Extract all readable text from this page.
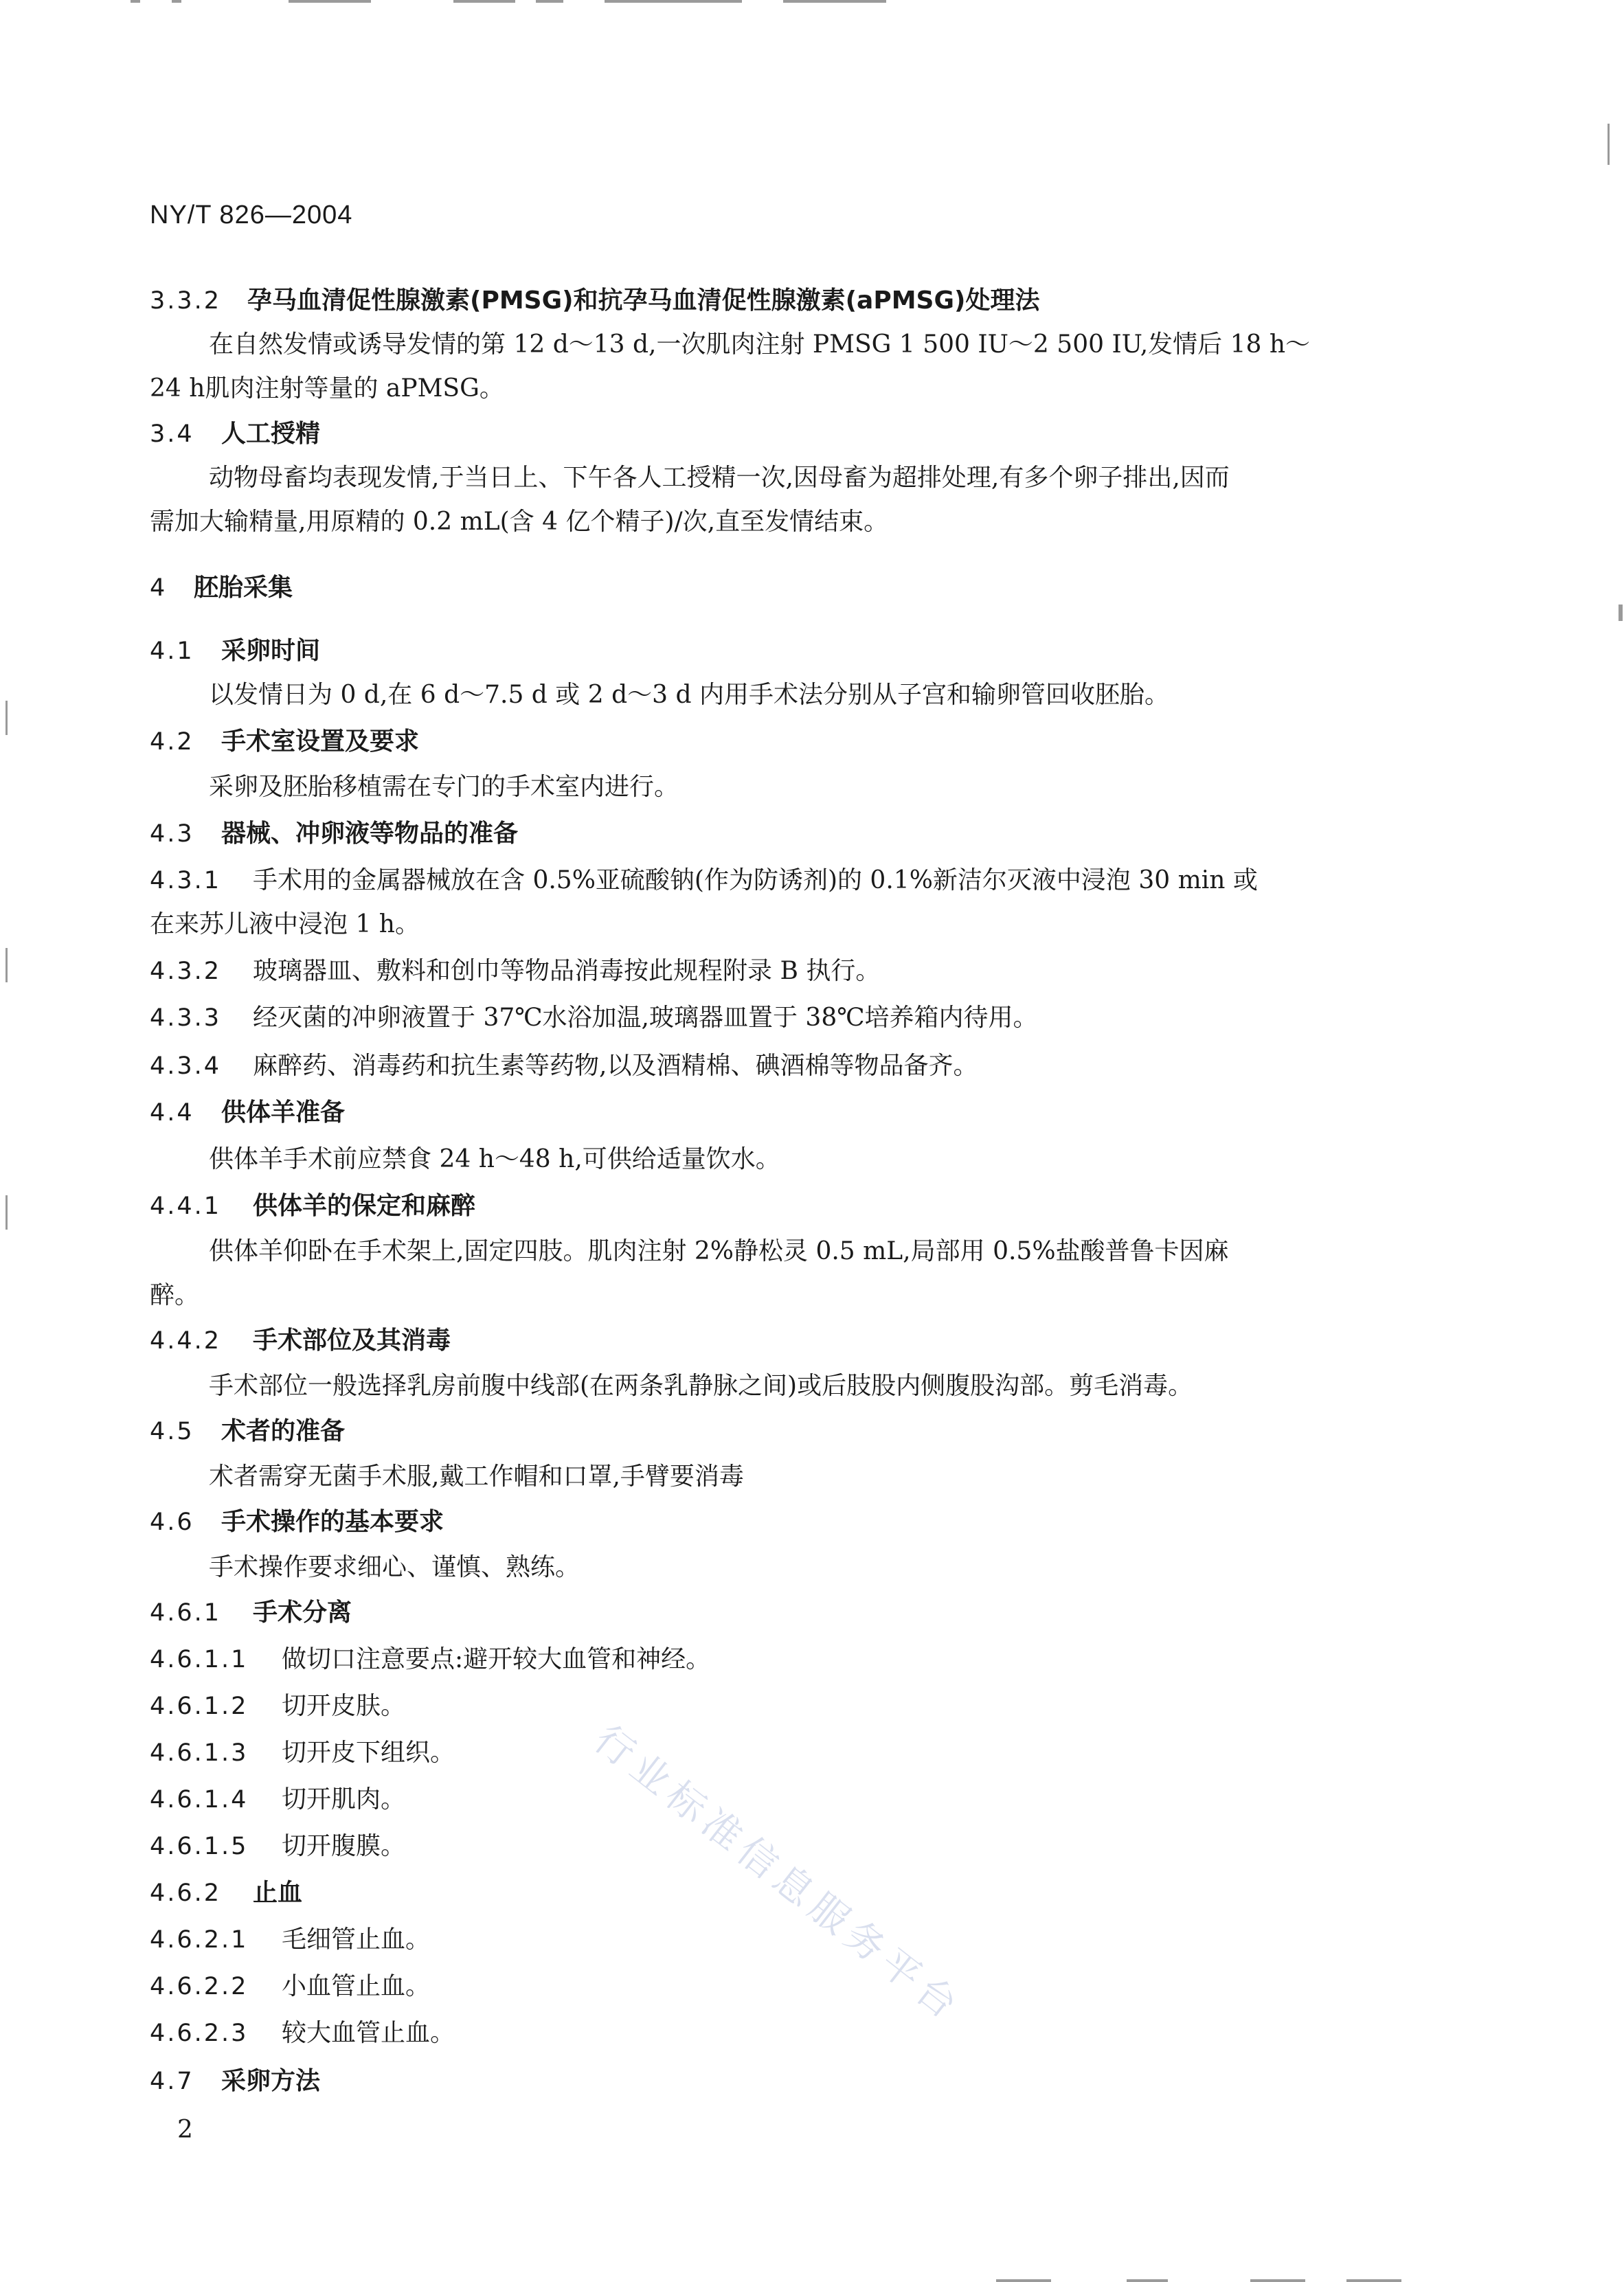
NY/T 826—2004
3.3.2 孕马血清促性腺激素(PMSG)和抗孕马血清促性腺激素(aPMSG)处理法
在自然发情或诱导发情的第 12 d～13 d,一次肌肉注射 PMSG 1 500 IU～2 500 IU,发情后 18 h～
24 h肌肉注射等量的 aPMSG。
3.4 人工授精
动物母畜均表现发情,于当日上、下午各人工授精一次,因母畜为超排处理,有多个卵子排出,因而
需加大输精量,用原精的 0.2 mL(含 4 亿个精子)/次,直至发情结束。
4 胚胎采集
4.1 采卵时间
以发情日为 0 d,在 6 d～7.5 d 或 2 d～3 d 内用手术法分别从子宫和输卵管回收胚胎。
4.2 手术室设置及要求
采卵及胚胎移植需在专门的手术室内进行。
4.3 器械、冲卵液等物品的准备
4.3.1 手术用的金属器械放在含 0.5%亚硫酸钠(作为防诱剂)的 0.1%新洁尔灭液中浸泡 30 min 或
在来苏儿液中浸泡 1 h。
4.3.2 玻璃器皿、敷料和创巾等物品消毒按此规程附录 B 执行。
4.3.3 经灭菌的冲卵液置于 37℃水浴加温,玻璃器皿置于 38℃培养箱内待用。
4.3.4 麻醉药、消毒药和抗生素等药物,以及酒精棉、碘酒棉等物品备齐。
4.4 供体羊准备
供体羊手术前应禁食 24 h～48 h,可供给适量饮水。
4.4.1 供体羊的保定和麻醉
供体羊仰卧在手术架上,固定四肢。肌肉注射 2%静松灵 0.5 mL,局部用 0.5%盐酸普鲁卡因麻
醉。
4.4.2 手术部位及其消毒
手术部位一般选择乳房前腹中线部(在两条乳静脉之间)或后肢股内侧腹股沟部。剪毛消毒。
4.5 术者的准备
术者需穿无菌手术服,戴工作帽和口罩,手臂要消毒
4.6 手术操作的基本要求
手术操作要求细心、谨慎、熟练。
4.6.1 手术分离
4.6.1.1 做切口注意要点:避开较大血管和神经。
4.6.1.2 切开皮肤。
4.6.1.3 切开皮下组织。
4.6.1.4 切开肌肉。
4.6.1.5 切开腹膜。
4.6.2 止血
4.6.2.1 毛细管止血。
4.6.2.2 小血管止血。
4.6.2.3 较大血管止血。
4.7 采卵方法
2
行业标准信息服务平台
